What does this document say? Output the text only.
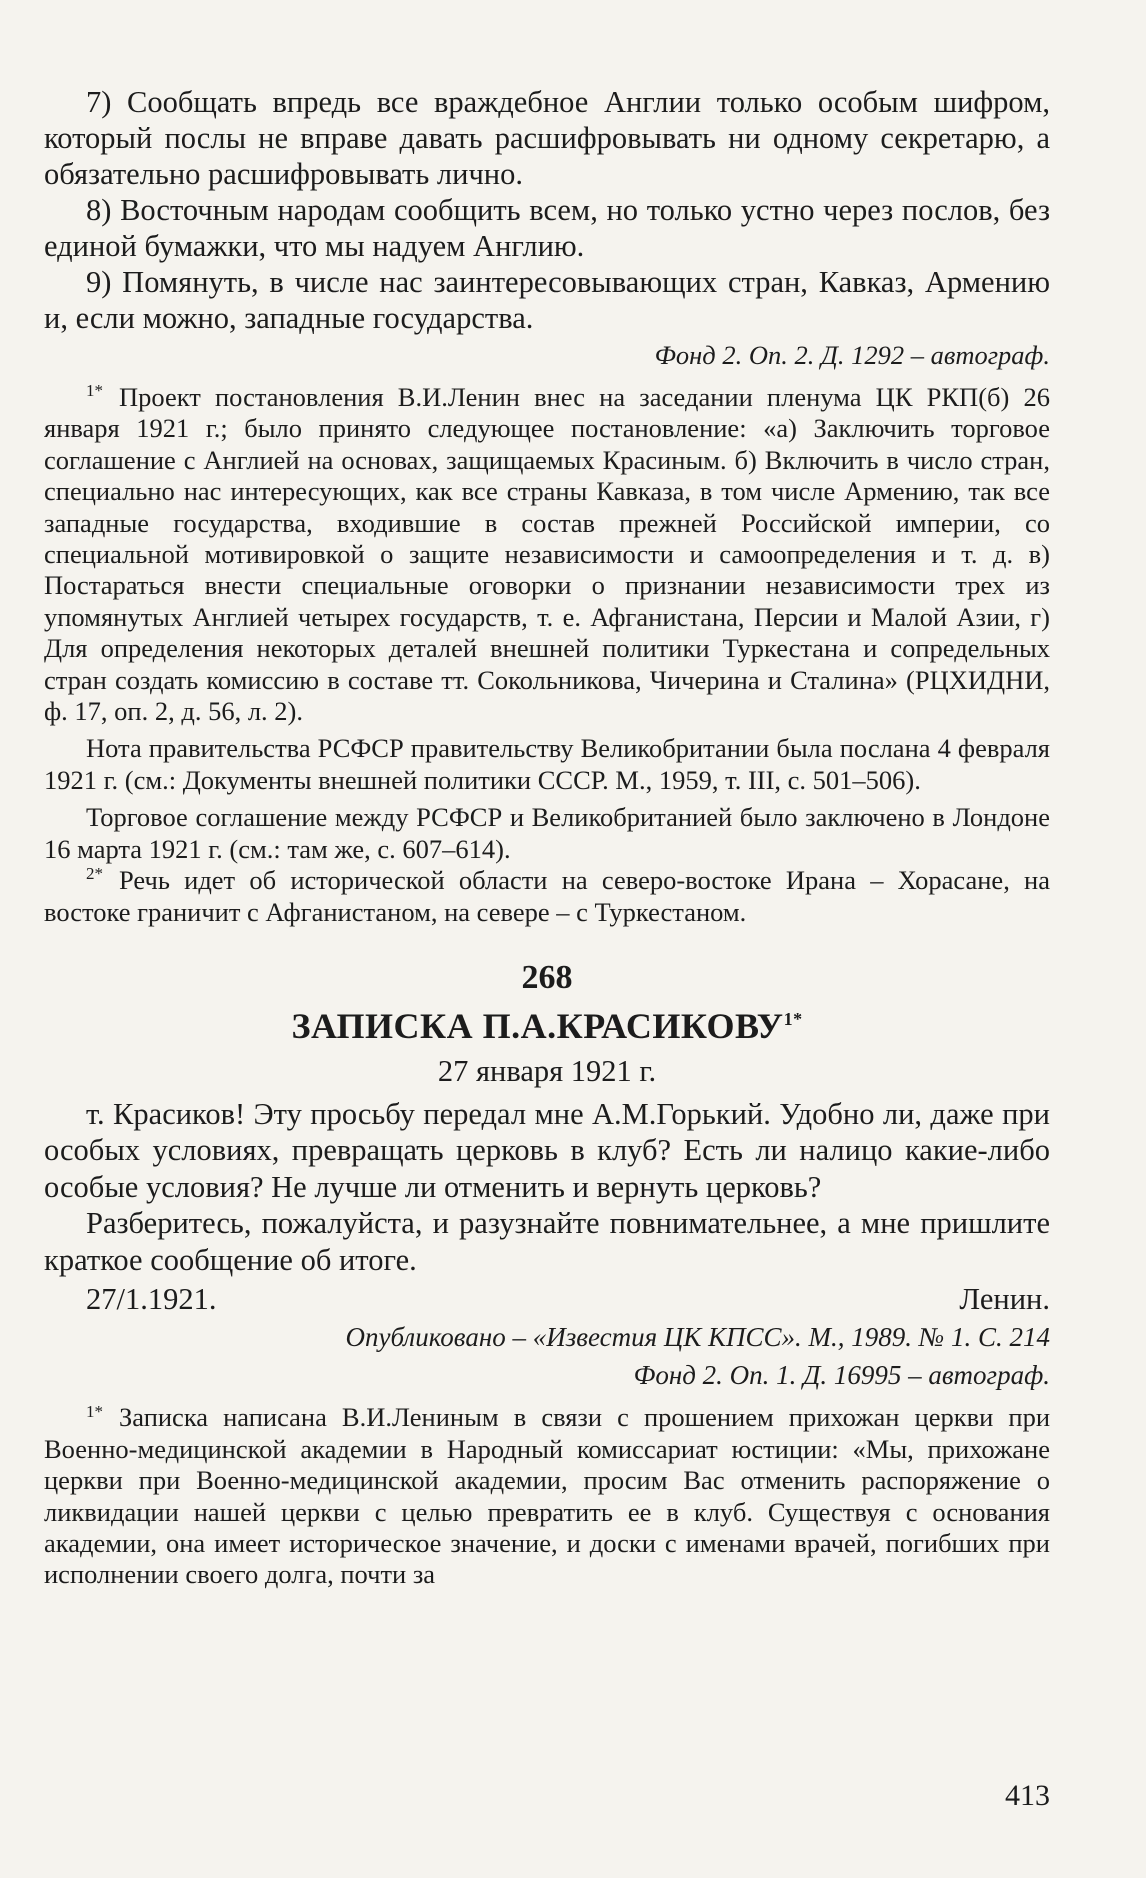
7) Сообщать впредь все враждебное Англии только особым шифром, который послы не вправе давать расшифровывать ни одному секретарю, а обязательно расшифровывать лично.

8) Восточным народам сообщить всем, но только устно через послов, без единой бумажки, что мы надуем Англию.

9) Помянуть, в числе нас заинтересовывающих стран, Кавказ, Армению и, если можно, западные государства.

Фонд 2. Оп. 2. Д. 1292 – автограф.

$^{1*}$ Проект постановления В.И.Ленин внес на заседании пленума ЦК РКП(б) 26 января 1921 г.; было принято следующее постановление: «а) Заключить торговое соглашение с Англией на основах, защищаемых Красиным. б) Включить в число стран, специально нас интересующих, как все страны Кавказа, в том числе Армению, так все западные государства, входившие в состав прежней Российской империи, со специальной мотивировкой о защите независимости и самоопределения и т. д. в) Постараться внести специальные оговорки о признании независимости трех из упомянутых Англией четырех государств, т. е. Афганистана, Персии и Малой Азии, г) Для определения некоторых деталей внешней политики Туркестана и сопредельных стран создать комиссию в составе тт. Сокольникова, Чичерина и Сталина» (РЦХИДНИ, ф. 17, оп. 2, д. 56, л. 2).

Нота правительства РСФСР правительству Великобритании была послана 4 февраля 1921 г. (см.: Документы внешней политики СССР. М., 1959, т. III, с. 501–506).

Торговое соглашение между РСФСР и Великобританией было заключено в Лондоне 16 марта 1921 г. (см.: там же, с. 607–614).

$^{2*}$ Речь идет об исторической области на северо-востоке Ирана – Хорасане, на востоке граничит с Афганистаном, на севере – с Туркестаном.

268
ЗАПИСКА $П.А.КРАСИКОВУ^{1*}$
27 января 1921 г.

т. Красиков! Эту просьбу передал мне А.М.Горький. Удобно ли, даже при особых условиях, превращать церковь в клуб? Есть ли налицо какие-либо особые условия? Не лучше ли отменить и вернуть церковь?

Разберитесь, пожалуйста, и разузнайте повнимательнее, а мне пришлите краткое сообщение об итоге.

27/1.1921.	Ленин.
Опубликовано – «Известия ЦК КПСС». М., 1989. № 1. С. 214
Фонд 2. Оп. 1. Д. 16995 – автограф.

$^{1*}$ Записка написана В.И.Лениным в связи с прошением прихожан церкви при Военно-медицинской академии в Народный комиссариат юстиции: «Мы, прихожане церкви при Военно-медицинской академии, просим Вас отменить распоряжение о ликвидации нашей церкви с целью превратить ее в клуб. Существуя с основания академии, она имеет историческое значение, и доски с именами врачей, погибших при исполнении своего долга, почти за

413
